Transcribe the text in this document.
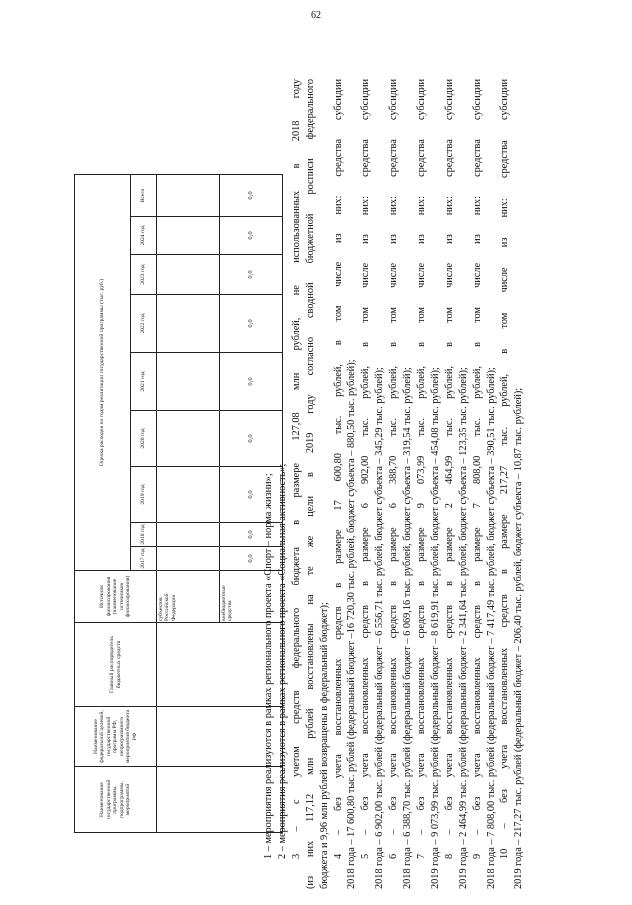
62
Наименование государственной программы, подпрограммы, мероприятий	Наименование федеральной целевой, государственной программ РФ, непрограммного мероприятия бюджета РФ	Главный распорядитель бюджетных средств	Источник финансирования (наименование источников финансирования)	Оценка расходов по годам реализации государственной программы (тыс. руб.)								
				2017 год	2018 год	2019 год	2020 год	2021 год	2022 год	2023 год	2024 год	Всего
			субъектов Российской Федерации									
			внебюджетные средства	0,0	0,0	0,0	0,0	0,0	0,0	0,0	0,0	0,0
1 – мероприятия реализуются в рамках регионального проекта «Спорт – норма жизни»; 2 – мероприятия реализуются в рамках регионального проекта «Социальная активность»; 3 – с учетом средств федерального бюджета в размере 127,08 млн рублей, не использованных в 2018 году (из них 117,12 млн рублей восстановлены на те же цели в 2019 году согласно сводной бюджетной росписи федерального бюджета и 9,96 млн рублей возвращены в федеральный бюджет); 4 – без учета восстановленных средств в размере 17 600,80 тыс. рублей, в том числе из них: средства субсидии 2018 года – 17 600,80 тыс. рублей (федеральный бюджет –16 720,30 тыс. рублей, бюджет субъекта – 880,50 тыс. рублей); 5 – без учета восстановленных средств в размере 6 902,00 тыс. рублей, в том числе из них: средства субсидии 2018 года – 6 902,00 тыс. рублей (федеральный бюджет – 6 556,71 тыс. рублей, бюджет субъекта – 345,29 тыс. рублей); 6 – без учета восстановленных средств в размере 6 388,70 тыс. рублей, в том числе из них: средства субсидии 2018 года – 6 388,70 тыс. рублей (федеральный бюджет – 6 069,16 тыс. рублей, бюджет субъекта – 319,54 тыс. рублей); 7 – без учета восстановленных средств в размере 9 073,99 тыс. рублей, в том числе из них: средства субсидии 2019 года – 9 073,99 тыс. рублей (федеральный бюджет – 8 619,91 тыс. рублей, бюджет субъекта – 454,08 тыс. рублей); 8 – без учета восстановленных средств в размере 2 464,99 тыс. рублей, в том числе из них: средства субсидии 2019 года – 2 464,99 тыс. рублей (федеральный бюджет – 2 341,64 тыс. рублей, бюджет субъекта – 123,35 тыс. рублей); 9 – без учета восстановленных средств в размере 7 808,00 тыс. рублей, в том числе из них: средства субсидии 2018 года – 7 808,00 тыс. рублей (федеральный бюджет – 7 417,49 тыс. рублей, бюджет субъекта – 390,51 тыс. рублей); 10 – без учета восстановленных средств в размере 217,27 тыс. рублей, в том числе из них: средства субсидии 2019 года – 217,27 тыс. рублей (федеральный бюджет – 206,40 тыс. рублей, бюджет субъекта – 10,87 тыс. рублей);
